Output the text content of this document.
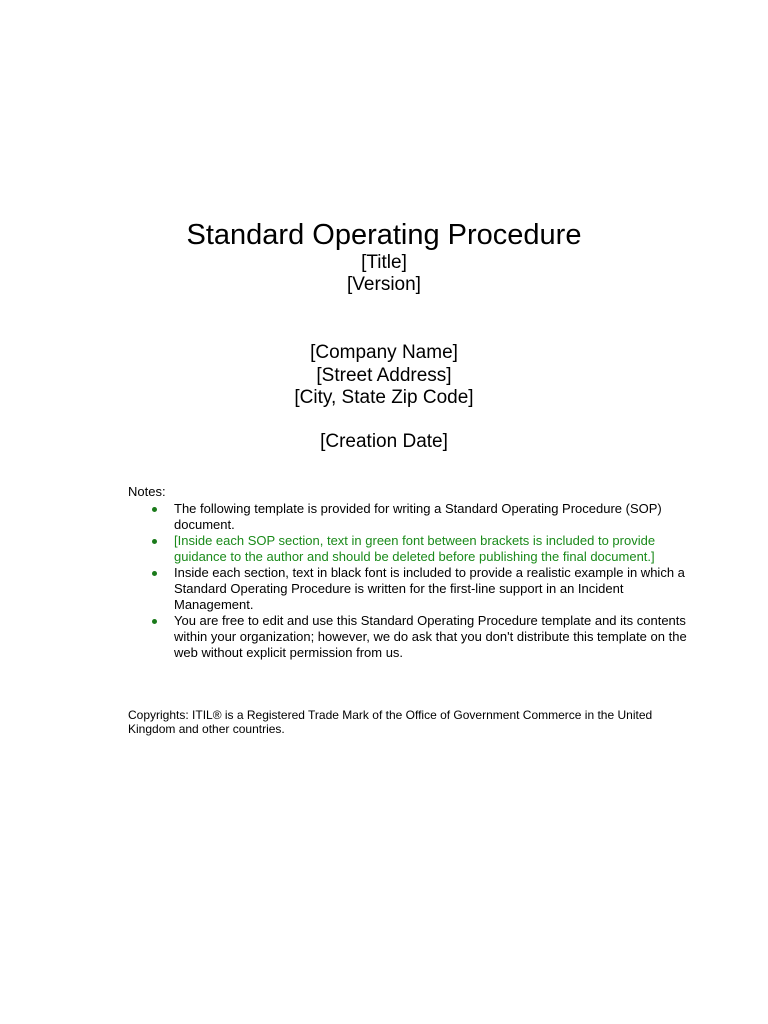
Standard Operating Procedure

[Title]

[Version]

[Company Name]

[Street Address]

[City, State Zip Code]

[Creation Date]

Notes:

The following template is provided for writing a Standard Operating Procedure (SOP) document.
[Inside each SOP section, text in green font between brackets is included to provide guidance to the author and should be deleted before publishing the final document.]
Inside each section, text in black font is included to provide a realistic example in which a Standard Operating Procedure is written for the first-line support in an Incident Management.
You are free to edit and use this Standard Operating Procedure template and its contents within your organization; however, we do ask that you don't distribute this template on the web without explicit permission from us.
Copyrights: ITIL® is a Registered Trade Mark of the Office of Government Commerce in the United Kingdom and other countries.
